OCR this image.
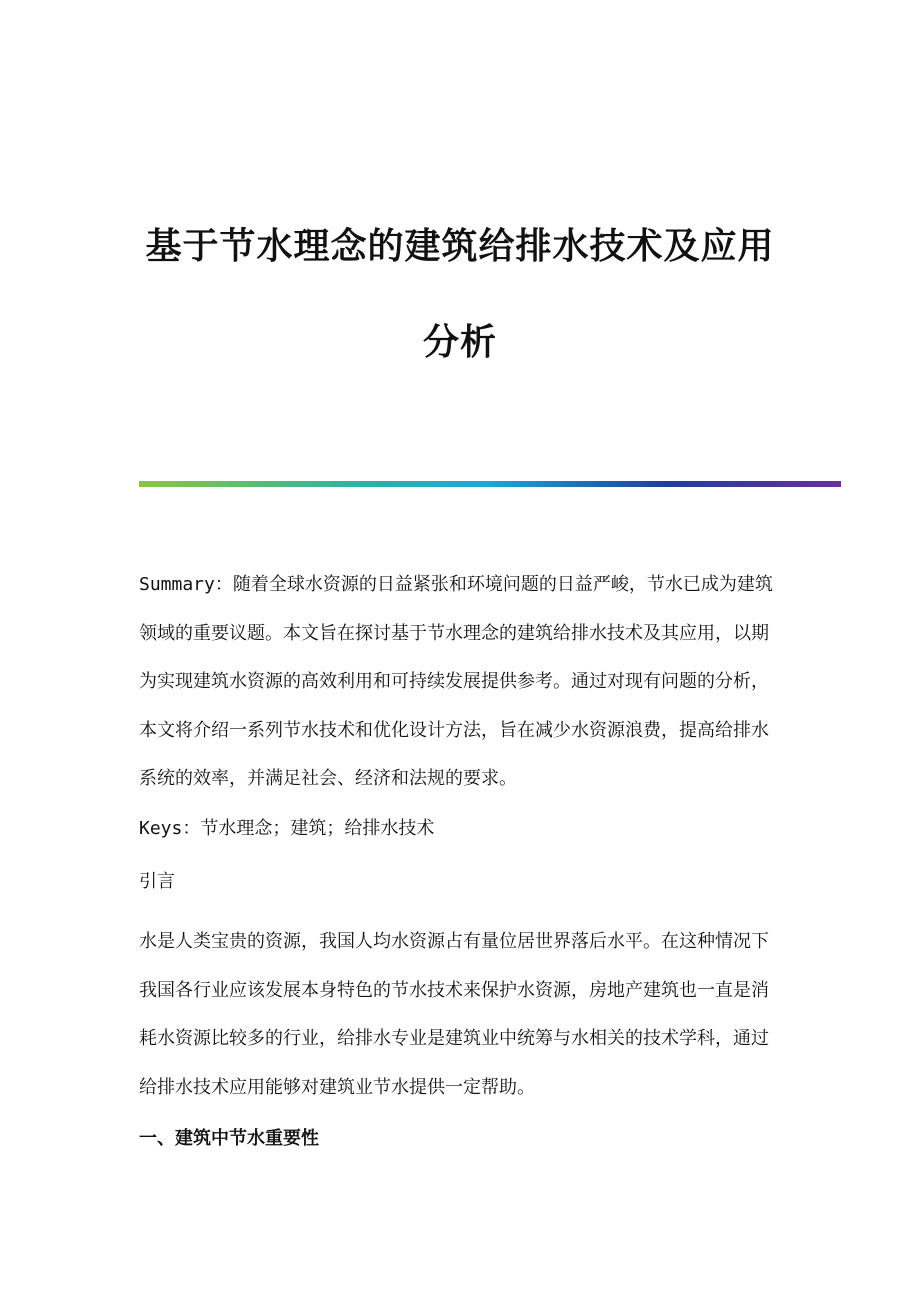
基于节水理念的建筑给排水技术及应用
分析

Summary：随着全球水资源的日益紧张和环境问题的日益严峻，节水已成为建筑领域的重要议题。本文旨在探讨基于节水理念的建筑给排水技术及其应用，以期为实现建筑水资源的高效利用和可持续发展提供参考。通过对现有问题的分析，本文将介绍一系列节水技术和优化设计方法，旨在减少水资源浪费，提高给排水系统的效率，并满足社会、经济和法规的要求。

Keys：节水理念；建筑；给排水技术

引言

水是人类宝贵的资源，我国人均水资源占有量位居世界落后水平。在这种情况下我国各行业应该发展本身特色的节水技术来保护水资源，房地产建筑也一直是消耗水资源比较多的行业，给排水专业是建筑业中统筹与水相关的技术学科，通过给排水技术应用能够对建筑业节水提供一定帮助。

一、建筑中节水重要性
